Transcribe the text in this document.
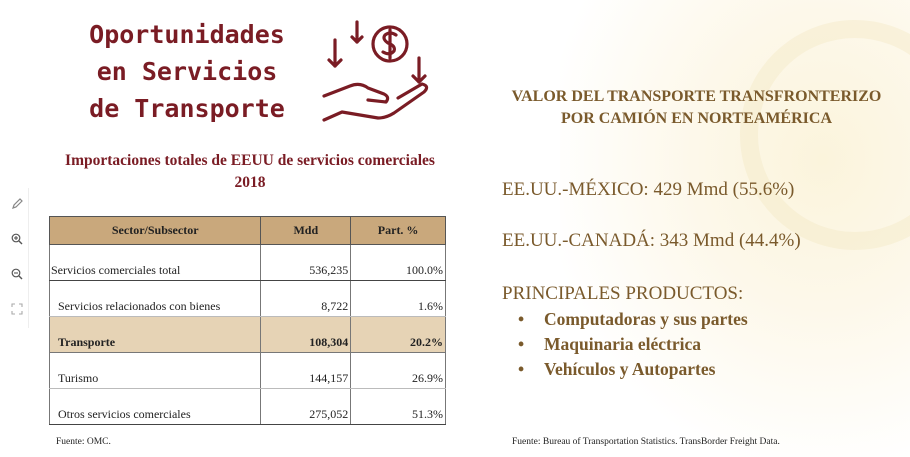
Oportunidades
en Servicios
de Transporte
Importaciones totales de EEUU de servicios comerciales
2018
Sector/Subsector	Mdd	Part. %
Servicios comerciales total	536,235	100.0%
Servicios relacionados con bienes	8,722	1.6%
Transporte	108,304	20.2%
Turismo	144,157	26.9%
Otros servicios comerciales	275,052	51.3%
Fuente: OMC.
VALOR DEL TRANSPORTE TRANSFRONTERIZO
POR CAMIÓN EN NORTEAMÉRICA
EE.UU.-MÉXICO: 429 Mmd (55.6%)
EE.UU.-CANADÁ: 343 Mmd (44.4%)
PRINCIPALES PRODUCTOS:
• Computadoras y sus partes
• Maquinaria eléctrica
• Vehículos y Autopartes
Fuente: Bureau of Transportation Statistics. TransBorder Freight Data.
